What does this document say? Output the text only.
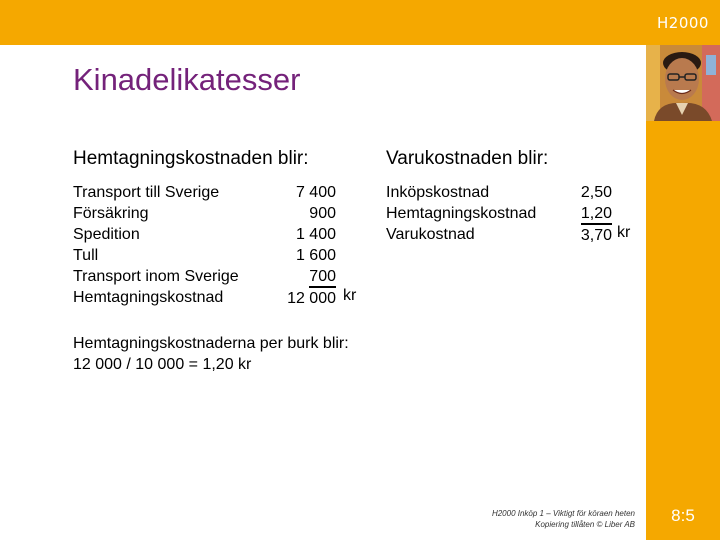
H2000
Kinadelikatesser
Hemtagningskostnaden blir:
Transport till Sverige
Försäkring
Spedition
Tull
Transport inom Sverige
Hemtagningskostnad
7 400
900
1 400
1 600
700
12 000 kr
Varukostnaden blir:
Inköpskostnad
Hemtagningskostnad
Varukostnad
2,50
1,20
3,70 kr
Hemtagningskostnaderna per burk blir:
12 000 / 10 000 = 1,20 kr
H2000 Inköp 1 – Viktigt för köraen heten
Kopiering tillåten © Liber AB	8:5
